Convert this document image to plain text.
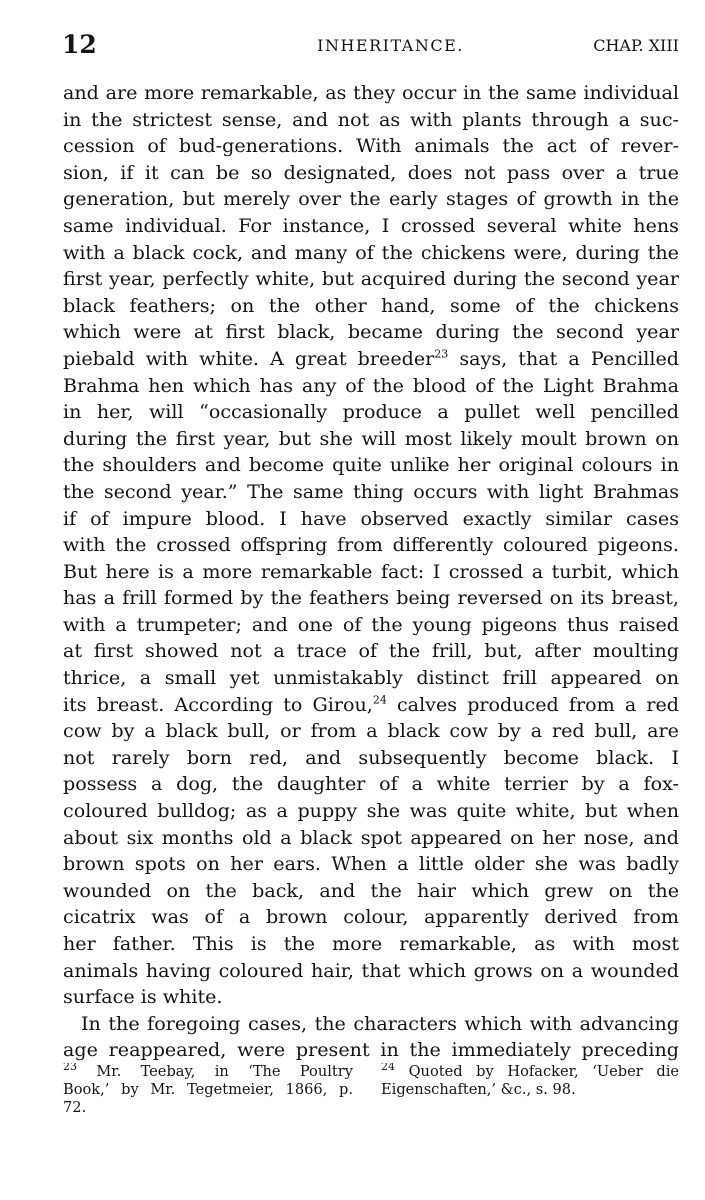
12	INHERITANCE.	CHAP. XIII
and are more remarkable, as they occur in the same individual
in the strictest sense, and not as with plants through a suc-
cession of bud-generations. With animals the act of rever-
sion, if it can be so designated, does not pass over a true
generation, but merely over the early stages of growth in the
same individual. For instance, I crossed several white hens
with a black cock, and many of the chickens were, during the
first year, perfectly white, but acquired during the second year
black feathers; on the other hand, some of the chickens
which were at first black, became during the second year
piebald with white. A great breeder$^{23}$ says, that a Pencilled
Brahma hen which has any of the blood of the Light Brahma
in her, will “occasionally produce a pullet well pencilled
during the first year, but she will most likely moult brown on
the shoulders and become quite unlike her original colours in
the second year.” The same thing occurs with light Brahmas
if of impure blood. I have observed exactly similar cases
with the crossed offspring from differently coloured pigeons.
But here is a more remarkable fact: I crossed a turbit, which
has a frill formed by the feathers being reversed on its breast,
with a trumpeter; and one of the young pigeons thus raised
at first showed not a trace of the frill, but, after moulting
thrice, a small yet unmistakably distinct frill appeared on
its breast. According to Girou,$^{24}$ calves produced from a red
cow by a black bull, or from a black cow by a red bull, are
not rarely born red, and subsequently become black. I
possess a dog, the daughter of a white terrier by a fox-
coloured bulldog; as a puppy she was quite white, but when
about six months old a black spot appeared on her nose, and
brown spots on her ears. When a little older she was badly
wounded on the back, and the hair which grew on the
cicatrix was of a brown colour, apparently derived from
her father. This is the more remarkable, as with most
animals having coloured hair, that which grows on a wounded
surface is white.
In the foregoing cases, the characters which with advancing
age reappeared, were present in the immediately preceding
$^{23}$ Mr. Teebay, in ‘The Poultry
Book,’ by Mr. Tegetmeier, 1866, p.
72.
$^{24}$ Quoted by Hofacker, ‘Ueber die
Eigenschaften,’ &c., s. 98.
